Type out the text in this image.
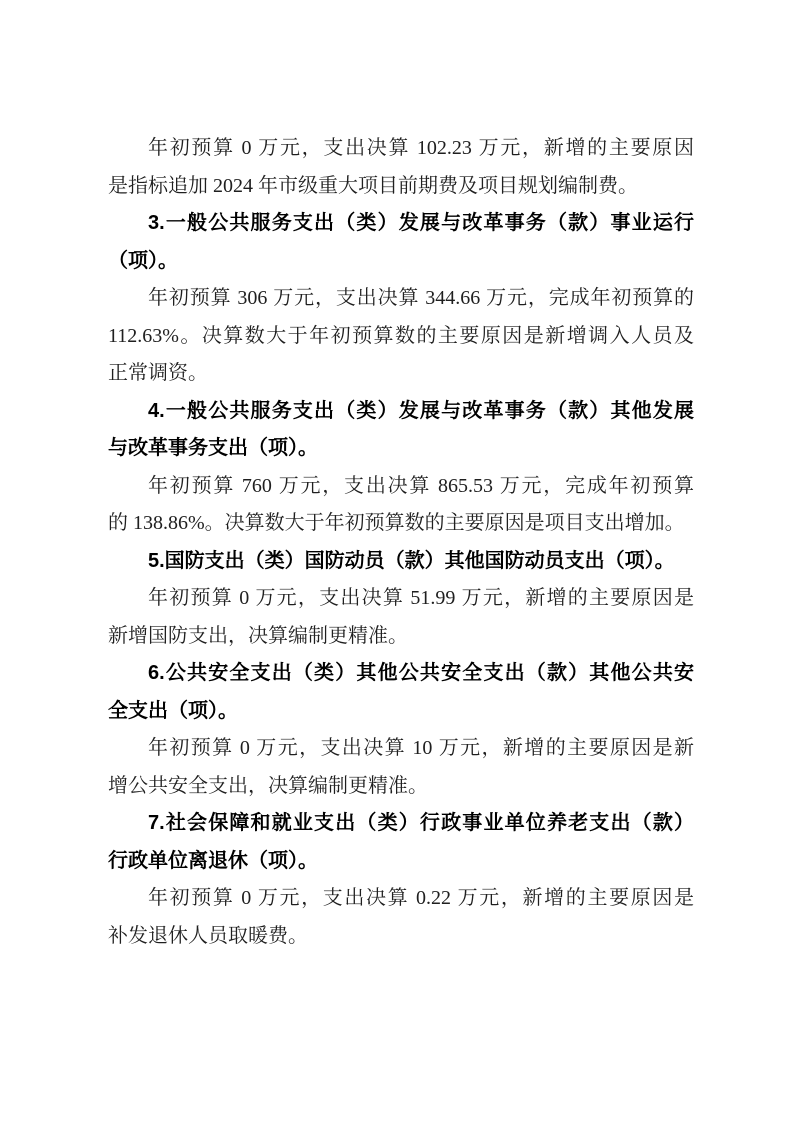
年初预算 0 万元，支出决算 102.23 万元，新增的主要原因
是指标追加 2024 年市级重大项目前期费及项目规划编制费。
3.一般公共服务支出（类）发展与改革事务（款）事业运行
（项）。
年初预算 306 万元，支出决算 344.66 万元，完成年初预算的
112.63%。决算数大于年初预算数的主要原因是新增调入人员及
正常调资。
4.一般公共服务支出（类）发展与改革事务（款）其他发展
与改革事务支出（项）。
年初预算 760 万元，支出决算 865.53 万元，完成年初预算
的 138.86%。决算数大于年初预算数的主要原因是项目支出增加。
5.国防支出（类）国防动员（款）其他国防动员支出（项）。
年初预算 0 万元，支出决算 51.99 万元，新增的主要原因是
新增国防支出，决算编制更精准。
6.公共安全支出（类）其他公共安全支出（款）其他公共安
全支出（项）。
年初预算 0 万元，支出决算 10 万元，新增的主要原因是新
增公共安全支出，决算编制更精准。
7.社会保障和就业支出（类）行政事业单位养老支出（款）
行政单位离退休（项）。
年初预算 0 万元，支出决算 0.22 万元，新增的主要原因是
补发退休人员取暖费。
